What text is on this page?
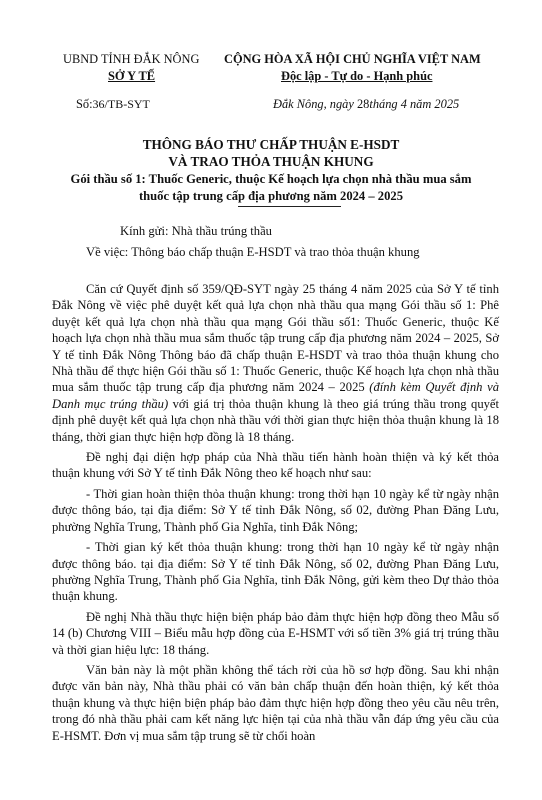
UBND TỈNH ĐẮK NÔNG
SỞ Y TẾ
CỘNG HÒA XÃ HỘI CHỦ NGHĨA VIỆT NAM
Độc lập - Tự do - Hạnh phúc
Số:36/TB-SYT	Đắk Nông, ngày 28tháng 4 năm 2025
THÔNG BÁO THƯ CHẤP THUẬN E-HSDT
VÀ TRAO THỎA THUẬN KHUNG
Gói thầu số 1: Thuốc Generic, thuộc Kế hoạch lựa chọn nhà thầu mua sắm
thuốc tập trung cấp địa phương năm 2024 – 2025
Kính gửi: Nhà thầu trúng thầu
Về việc: Thông báo chấp thuận E-HSDT và trao thỏa thuận khung

Căn cứ Quyết định số 359/QĐ-SYT ngày 25 tháng 4 năm 2025 của Sở Y tế tỉnh Đắk Nông về việc phê duyệt kết quả lựa chọn nhà thầu qua mạng Gói thầu số 1: Phê duyệt kết quả lựa chọn nhà thầu qua mạng Gói thầu số1: Thuốc Generic, thuộc Kế hoạch lựa chọn nhà thầu mua sắm thuốc tập trung cấp địa phương năm 2024 – 2025, Sở Y tế tỉnh Đắk Nông Thông báo đã chấp thuận E-HSDT và trao thỏa thuận khung cho Nhà thầu để thực hiện Gói thầu số 1: Thuốc Generic, thuộc Kế hoạch lựa chọn nhà thầu mua sắm thuốc tập trung cấp địa phương năm 2024 – 2025 (đính kèm Quyết định và Danh mục trúng thầu) với giá trị thỏa thuận khung là theo giá trúng thầu trong quyết định phê duyệt kết quả lựa chọn nhà thầu với thời gian thực hiện thỏa thuận khung là 18 tháng, thời gian thực hiện hợp đồng là 18 tháng.

Đề nghị đại diện hợp pháp của Nhà thầu tiến hành hoàn thiện và ký kết thỏa thuận khung với Sở Y tế tỉnh Đắk Nông theo kế hoạch như sau:

- Thời gian hoàn thiện thỏa thuận khung: trong thời hạn 10 ngày kể từ ngày nhận được thông báo, tại địa điểm: Sở Y tế tỉnh Đắk Nông, số 02, đường Phan Đăng Lưu, phường Nghĩa Trung, Thành phố Gia Nghĩa, tỉnh Đắk Nông;

- Thời gian ký kết thỏa thuận khung: trong thời hạn 10 ngày kể từ ngày nhận được thông báo. tại địa điểm: Sở Y tế tỉnh Đắk Nông, số 02, đường Phan Đăng Lưu, phường Nghĩa Trung, Thành phố Gia Nghĩa, tỉnh Đắk Nông, gửi kèm theo Dự thảo thỏa thuận khung.

Đề nghị Nhà thầu thực hiện biện pháp bảo đảm thực hiện hợp đồng theo Mẫu số 14 (b) Chương VIII – Biểu mẫu hợp đồng của E-HSMT với số tiền 3% giá trị trúng thầu và thời gian hiệu lực: 18 tháng.

Văn bản này là một phần không thể tách rời của hồ sơ hợp đồng. Sau khi nhận được văn bản này, Nhà thầu phải có văn bản chấp thuận đến hoàn thiện, ký kết thỏa thuận khung và thực hiện biện pháp bảo đảm thực hiện hợp đồng theo yêu cầu nêu trên, trong đó nhà thầu phải cam kết năng lực hiện tại của nhà thầu vẫn đáp ứng yêu cầu của E-HSMT. Đơn vị mua sắm tập trung sẽ từ chối hoàn
